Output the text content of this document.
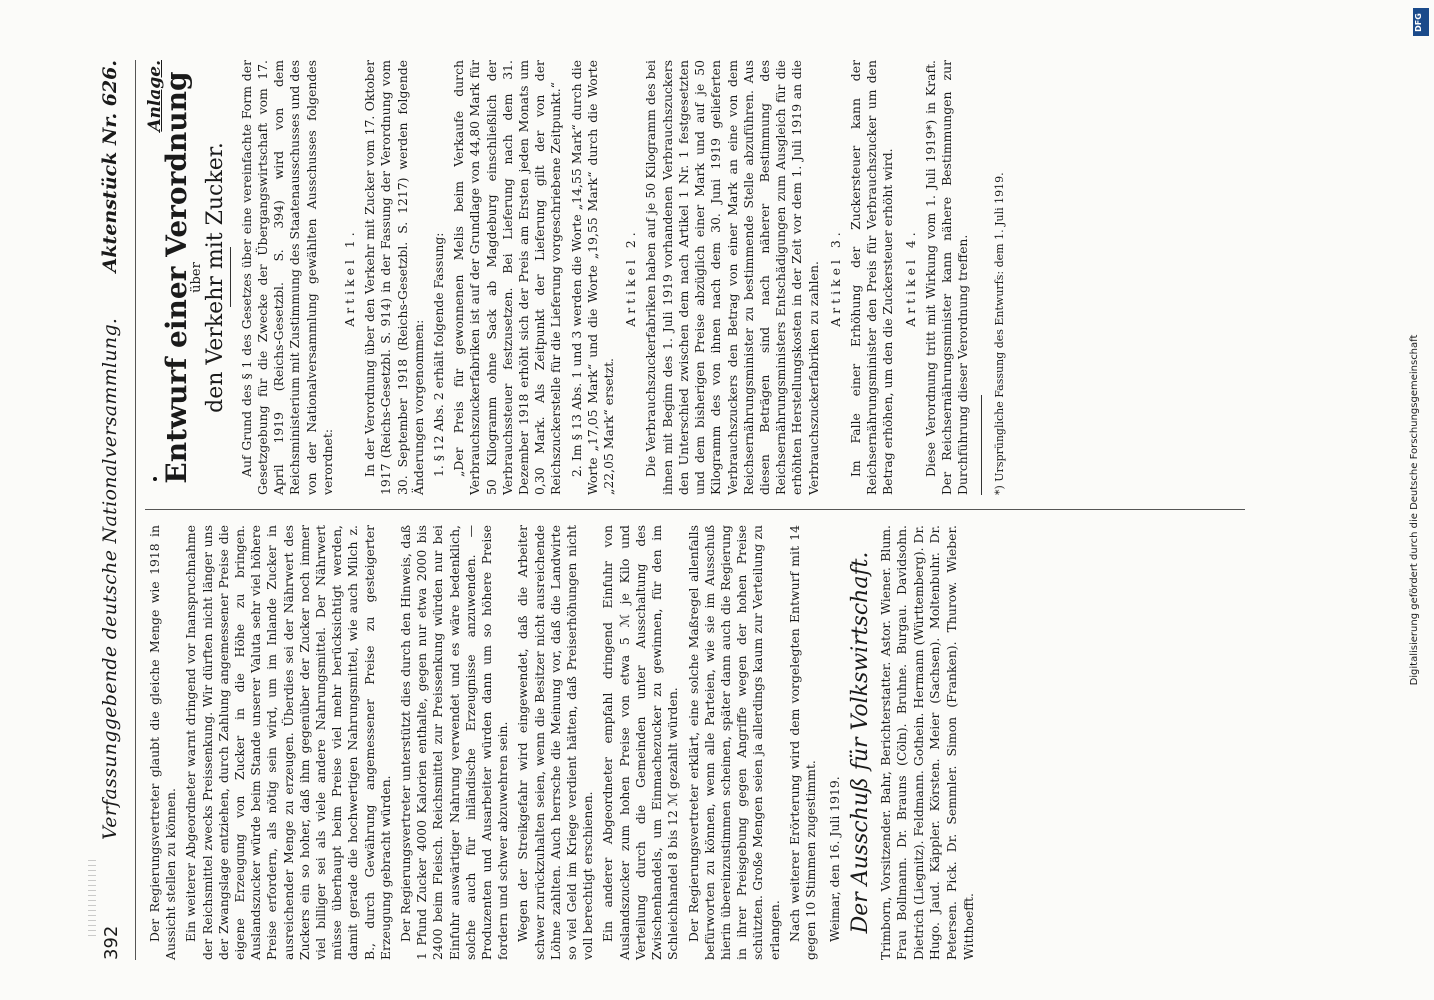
392
Verfassunggebende deutsche Nationalversammlung.
Aktenstück Nr. 626.

Der Regierungsvertreter glaubt die gleiche Menge wie 1918 in Aussicht stellen zu können. Ein weiterer Abgeordneter warnt dringend vor Inanspruchnahme der Reichsmittel zwecks Preissenkung. Wir dürften nicht länger uns der Zwangslage entziehen, durch Zahlung angemessener Preise die eigene Erzeugung von Zucker in die Höhe zu bringen. Auslandszucker würde beim Stande unserer Valuta sehr viel höhere Preise erfordern, als nötig sein wird, um im Inlande Zucker in ausreichender Menge zu erzeugen. Überdies sei der Nährwert des Zuckers ein so hoher, daß ihm gegenüber der Zucker noch immer viel billiger sei als viele andere Nahrungsmittel. Der Nährwert müsse überhaupt beim Preise viel mehr berücksichtigt werden, damit gerade die hochwertigen Nahrungsmittel, wie auch Milch z. B., durch Gewährung angemessener Preise zu gesteigerter Erzeugung gebracht würden. Der Regierungsvertreter unterstützt dies durch den Hinweis, daß 1 Pfund Zucker 4000 Kalorien enthalte, gegen nur etwa 2000 bis 2400 beim Fleisch. Reichsmittel zur Preissenkung würden nur bei Einfuhr auswärtiger Nahrung verwendet und es wäre bedenklich, solche auch für inländische Erzeugnisse anzuwenden. — Produzenten und Ausarbeiter würden dann um so höhere Preise fordern und schwer abzuwehren sein. Wegen der Streikgefahr wird eingewendet, daß die Arbeiter schwer zurückzuhalten seien, wenn die Besitzer nicht ausreichende Löhne zahlten. Auch herrsche die Meinung vor, daß die Landwirte so viel Geld im Kriege verdient hätten, daß Preiserhöhungen nicht voll berechtigt erschienen. Ein anderer Abgeordneter empfahl dringend Einfuhr von Auslandszucker zum hohen Preise von etwa 5 ℳ je Kilo und Verteilung durch die Gemeinden unter Ausschaltung des Zwischenhandels, um Einmachezucker zu gewinnen, für den im Schleichhandel 8 bis 12 ℳ gezahlt würden. Der Regierungsvertreter erklärt, eine solche Maßregel allenfalls befürworten zu können, wenn alle Parteien, wie sie im Ausschuß hierin übereinzustimmen scheinen, später dann auch die Regierung in ihrer Preisgebung gegen Angriffe wegen der hohen Preise schützten. Große Mengen seien ja allerdings kaum zur Verteilung zu erlangen. Nach weiterer Erörterung wird dem vorgelegten Entwurf mit 14 gegen 10 Stimmen zugestimmt. Weimar, den 16. Juli 1919. Der Ausschuß für Volkswirtschaft. Trimborn, Vorsitzender. Bahr, Berichterstatter. Astor. Wiener. Blum. Frau Bollmann. Dr. Brauns (Cöln). Bruhne. Burgau. Davidsohn. Dietrich (Liegnitz). Feldmann. Gothein. Hermann (Württemberg). Dr. Hugo. Jaud. Käppler. Körsten. Meier (Sachsen). Moltenbuhr. Dr. Petersen. Pick. Dr. Semmler. Simon (Franken). Thurow. Wieber. Witthoefft.
Anlage.
Entwurf einer Verordnung
über
den Verkehr mit Zucker. Auf Grund des § 1 des Gesetzes über eine vereinfachte Form der Gesetzgebung für die Zwecke der Übergangswirtschaft vom 17. April 1919 (Reichs-Gesetzbl. S. 394) wird von dem Reichsministerium mit Zustimmung des Staatenausschusses und des von der Nationalversammlung gewählten Ausschusses folgendes verordnet:

Artikel 1. In der Verordnung über den Verkehr mit Zucker vom 17. Oktober 1917 (Reichs-Gesetzbl. S. 914) in der Fassung der Verordnung vom 30. September 1918 (Reichs-Gesetzbl. S. 1217) werden folgende Änderungen vorgenommen: 1. § 12 Abs. 2 erhält folgende Fassung: „Der Preis für gewonnenen Melis beim Verkaufe durch Verbrauchszuckerfabriken ist auf der Grundlage von 44,80 Mark für 50 Kilogramm ohne Sack ab Magdeburg einschließlich der Verbrauchssteuer festzusetzen. Bei Lieferung nach dem 31. Dezember 1918 erhöht sich der Preis am Ersten jeden Monats um 0,30 Mark. Als Zeitpunkt der Lieferung gilt der von der Reichszuckerstelle für die Lieferung vorgeschriebene Zeitpunkt.“ 2. Im § 13 Abs. 1 und 3 werden die Worte „14,55 Mark“ durch die Worte „17,05 Mark“ und die Worte „19,55 Mark“ durch die Worte „22,05 Mark“ ersetzt.

Artikel 2. Die Verbrauchszuckerfabriken haben auf je 50 Kilogramm des bei ihnen mit Beginn des 1. Juli 1919 vorhandenen Verbrauchszuckers den Unterschied zwischen dem nach Artikel 1 Nr. 1 festgesetzten und dem bisherigen Preise abzüglich einer Mark und auf je 50 Kilogramm des von ihnen nach dem 30. Juni 1919 gelieferten Verbrauchszuckers den Betrag von einer Mark an eine von dem Reichsernährungsminister zu bestimmende Stelle abzuführen. Aus diesen Beträgen sind nach näherer Bestimmung des Reichsernährungsministers Entschädigungen zum Ausgleich für die erhöhten Herstellungskosten in der Zeit vor dem 1. Juli 1919 an die Verbrauchszuckerfabriken zu zahlen. Artikel 3. Im Falle einer Erhöhung der Zuckersteuer kann der Reichsernährungsminister den Preis für Verbrauchszucker um den Betrag erhöhen, um den die Zuckersteuer erhöht wird. Artikel 4. Diese Verordnung tritt mit Wirkung vom 1. Juli 1919*) in Kraft. Der Reichsernährungsminister kann nähere Bestimmungen zur Durchführung dieser Verordnung treffen. *) Ursprüngliche Fassung des Entwurfs: dem 1. Juli 1919.
DFG
Digitalisierung gefördert durch die Deutsche Forschungsgemeinschaft
